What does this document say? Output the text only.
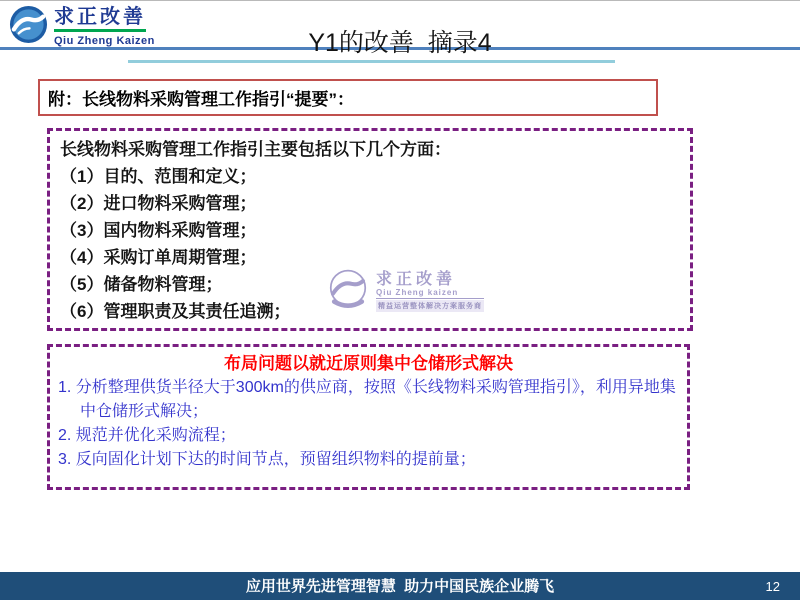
求正改善
Qiu Zheng Kaizen	Y1的改善  摘录4
附：长线物料采购管理工作指引“提要”：
长线物料采购管理工作指引主要包括以下几个方面：
（1）目的、范围和定义；
（2）进口物料采购管理；
（3）国内物料采购管理；
（4）采购订单周期管理；
（5）储备物料管理；
（6）管理职责及其责任追溯；
求正改善
Qiu Zheng kaizen
精益运营整体解决方案服务商
布局问题以就近原则集中仓储形式解决
1. 分析整理供货半径大于300km的供应商，按照《长线物料采购管理指引》，利用异地集中仓储形式解决；
2. 规范并优化采购流程；
3. 反向固化计划下达的时间节点，预留组织物料的提前量；
应用世界先进管理智慧  助力中国民族企业腾飞	12
